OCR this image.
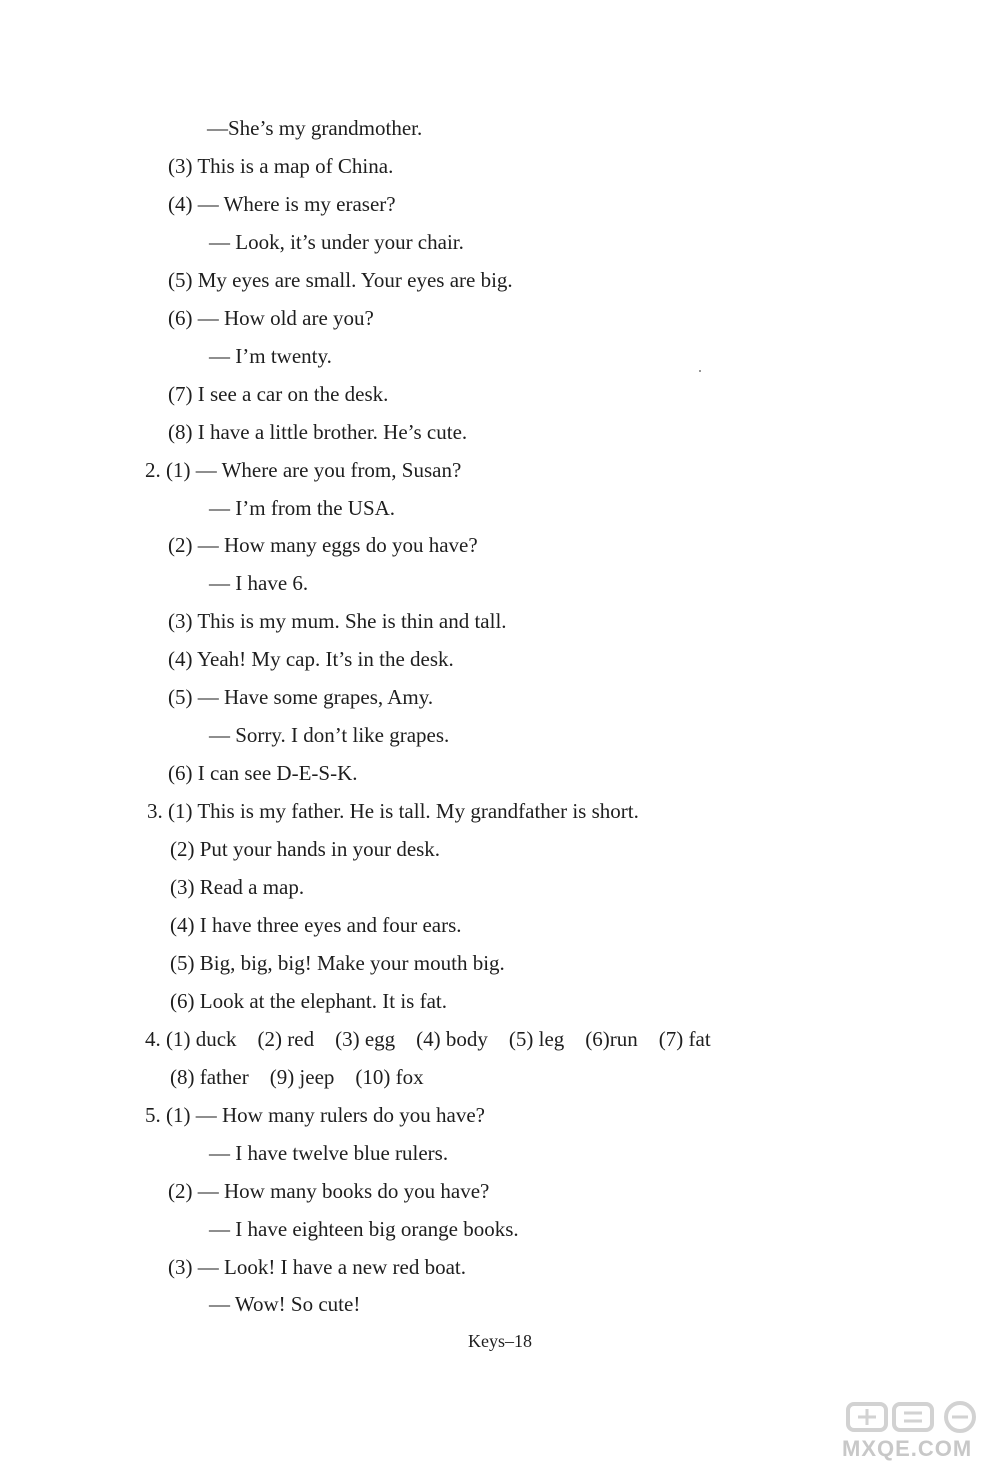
—She’s my grandmother.
(3) This is a map of China.
(4) — Where is my eraser?
— Look, it’s under your chair.
(5) My eyes are small. Your eyes are big.
(6) — How old are you?
— I’m twenty.
(7) I see a car on the desk.
(8) I have a little brother. He’s cute.
2. (1) — Where are you from, Susan?
— I’m from the USA.
(2) — How many eggs do you have?
— I have 6.
(3) This is my mum. She is thin and tall.
(4) Yeah! My cap. It’s in the desk.
(5) — Have some grapes, Amy.
— Sorry. I don’t like grapes.
(6) I can see D-E-S-K.
3. (1) This is my father. He is tall. My grandfather is short.
(2) Put your hands in your desk.
(3) Read a map.
(4) I have three eyes and four ears.
(5) Big, big, big! Make your mouth big.
(6) Look at the elephant. It is fat.
4. (1) duck    (2) red    (3) egg    (4) body    (5) leg    (6)run    (7) fat
(8) father    (9) jeep    (10) fox
5. (1) — How many rulers do you have?
— I have twelve blue rulers.
(2) — How many books do you have?
— I have eighteen big orange books.
(3) — Look! I have a new red boat.
— Wow! So cute!
Keys–18
MXQE.COM
